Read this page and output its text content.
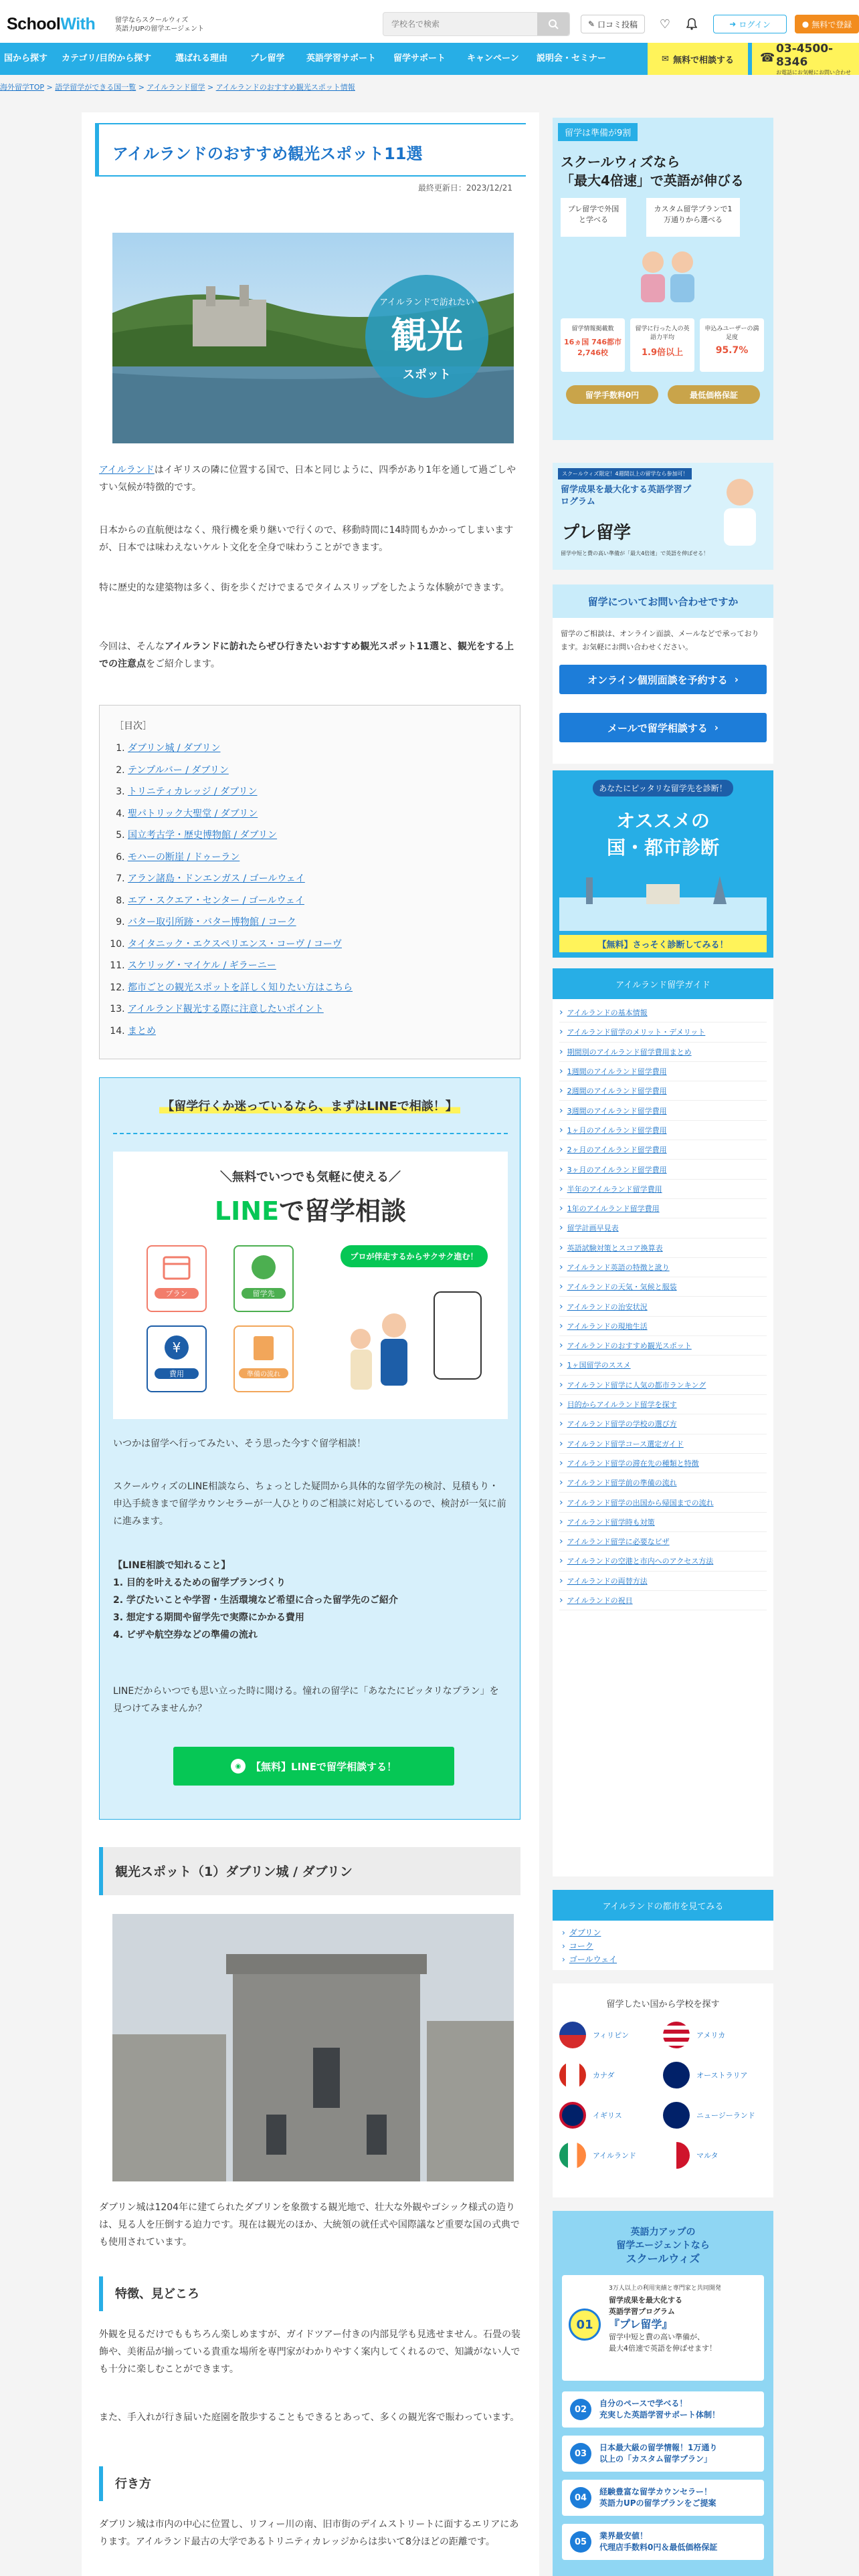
SchoolWith	留学ならスクールウィズ
英語力UPの留学エージェント
学校名で検索
✎ 口コミ投稿 ♡	➜ ログイン	● 無料で登録
国から探す	カテゴリ/目的から探す	選ばれる理由	プレ留学	英語学習サポート	留学サポート	キャンペーン	説明会・セミナー	✉ 無料で相談する ☎
03-4500-8346
お電話にお気軽にお問い合わせ
海外留学TOP > 語学留学ができる国一覧 > アイルランド留学 > アイルランドのおすすめ観光スポット情報
アイルランドのおすすめ観光スポット11選
最終更新日：2023/12/21
アイルランドで訪れたい
観光
スポット

アイルランドはイギリスの隣に位置する国で、日本と同じように、四季があり1年を通して過ごしやすい気候が特徴的です。

日本からの直航便はなく、飛行機を乗り継いで行くので、移動時間に14時間もかかってしまいますが、日本では味わえないケルト文化を全身で味わうことができます。

特に歴史的な建築物は多く、街を歩くだけでまるでタイムスリップをしたような体験ができます。

今回は、そんなアイルランドに訪れたらぜひ行きたいおすすめ観光スポット11選と、観光をする上での注意点をご紹介します。

［目次］
1. ダブリン城 / ダブリン
2. テンプルバー / ダブリン
3. トリニティカレッジ / ダブリン
4. 聖パトリック大聖堂 / ダブリン
5. 国立考古学・歴史博物館 / ダブリン
6. モハーの断崖 / ドゥーラン
7. アラン諸島・ドンエンガス / ゴールウェイ
8. エア・スクエア・センター / ゴールウェイ
9. バター取引所跡・バター博物館 / コーク
10. タイタニック・エクスペリエンス・コーヴ / コーヴ
11. スケリッグ・マイケル / ギラーニー
12. 都市ごとの観光スポットを詳しく知りたい方はこちら
13. アイルランド観光する際に注意したいポイント
14. まとめ
【留学行くか迷っているなら、まずはLINEで相談！】
＼無料でいつでも気軽に使える／
LINEで留学相談
プラン	留学先
¥
費用	準備の流れ
プロが伴走するからサクサク進む！

いつかは留学へ行ってみたい、そう思った今すぐ留学相談！

スクールウィズのLINE相談なら、ちょっとした疑問から具体的な留学先の検討、見積もり・申込手続きまで留学カウンセラーが一人ひとりのご相談に対応しているので、検討が一気に前に進みます。

【LINE相談で知れること】
1. 目的を叶えるための留学プランづくり
2. 学びたいことや学習・生活環境など希望に合った留学先のご紹介
3. 想定する期間や留学先で実際にかかる費用
4. ビザや航空券などの準備の流れ

LINEだからいつでも思い立った時に聞ける。憧れの留学に「あなたにピッタリなプラン」を見つけてみませんか？

◉ 【無料】LINEで留学相談する！
観光スポット（1）ダブリン城 / ダブリン

ダブリン城は1204年に建てられたダブリンを象徴する観光地で、壮大な外観やゴシック様式の造りは、見る人を圧倒する迫力です。現在は観光のほか、大統領の就任式や国際議など重要な国の式典でも使用されています。

特徴、見どころ

外観を見るだけでももちろん楽しめますが、ガイドツアー付きの内部見学も見逃せません。石畳の装飾や、美術品が揃っている貴重な場所を専門家がわかりやすく案内してくれるので、知識がない人でも十分に楽しむことができます。

また、手入れが行き届いた庭園を散歩することもできるとあって、多くの観光客で賑わっています。

行き方

ダブリン城は市内の中心に位置し、リフィー川の南、旧市街のデイムストリートに面するエリアにあります。アイルランド最古の大学であるトリニティカレッジからは歩いて8分ほどの距離です。

留学は準備が9割
スクールウィズなら
「最大4倍速」で英語が伸びる
プレ留学で外国と学べる
カスタム留学プランで1万通りから選べる
留学情報掲載数
16ヵ国 746都市 2,746校
留学に行った人の英語力平均
1.9倍以上
申込みユーザーの満足度
95.7%
留学手数料0円	最低価格保証
スクールウィズ限定！4週間以上の留学なら参加可！
留学成果を最大化する英語学習プログラム
プレ留学
留学中短と費の高い準備が「最大4倍速」で英語を伸ばせる！
留学についてお問い合わせですか

留学のご相談は、オンライン面談、メールなどで承っております。お気軽にお問い合わせください。

オンライン個別面談を予約する ›
メールで留学相談する ›
あなたにピッタリな留学先を診断！
オススメの
国・都市診断
【無料】さっそく診断してみる！
アイルランド留学ガイド
› アイルランドの基本情報
› アイルランド留学のメリット・デメリット
› 期間別のアイルランド留学費用まとめ
› 1週間のアイルランド留学費用
› 2週間のアイルランド留学費用
› 3週間のアイルランド留学費用
› 1ヶ月のアイルランド留学費用
› 2ヶ月のアイルランド留学費用
› 3ヶ月のアイルランド留学費用
› 半年のアイルランド留学費用
› 1年のアイルランド留学費用
› 留学計画早見表
› 英語試験対策とスコア換算表
› アイルランド英語の特徴と訛り
› アイルランドの天気・気候と服装
› アイルランドの治安状況
› アイルランドの現地生活
› アイルランドのおすすめ観光スポット
› 1ヶ国留学のススメ
› アイルランド留学に人気の都市ランキング
› 目的からアイルランド留学を探す
› アイルランド留学の学校の選び方
› アイルランド留学コース選定ガイド
› アイルランド留学の滞在先の種類と特徴
› アイルランド留学前の準備の流れ
› アイルランド留学の出国から帰国までの流れ
› アイルランド留学時も対策
› アイルランド留学に必要なビザ
› アイルランドの空港と市内へのアクセス方法
› アイルランドの両替方法
› アイルランドの祝日
アイルランドの都市を見てみる
› ダブリン
› コーク
› ゴールウェイ
留学したい国から学校を探す
フィリピン	アメリカ
カナダ	オーストラリア
イギリス	ニュージーランド
アイルランド	マルタ
英語力アップの
留学エージェントなら
スクールウィズ
01
3万人以上の利用実績と専門家と共同開発
留学成果を最大化する
英語学習プログラム
『プレ留学』
留学中短と費の高い準備が、
最大4倍速で英語を伸ばせます！
02
自分のペースで学べる！
充実した英語学習サポート体制！
03
日本最大級の留学情報！1万通り
以上の「カスタム留学プラン」
04
経験豊富な留学カウンセラー！
英語力UPの留学プランをご提案
05
業界最安値！
代理店手数料0円＆最低価格保証
